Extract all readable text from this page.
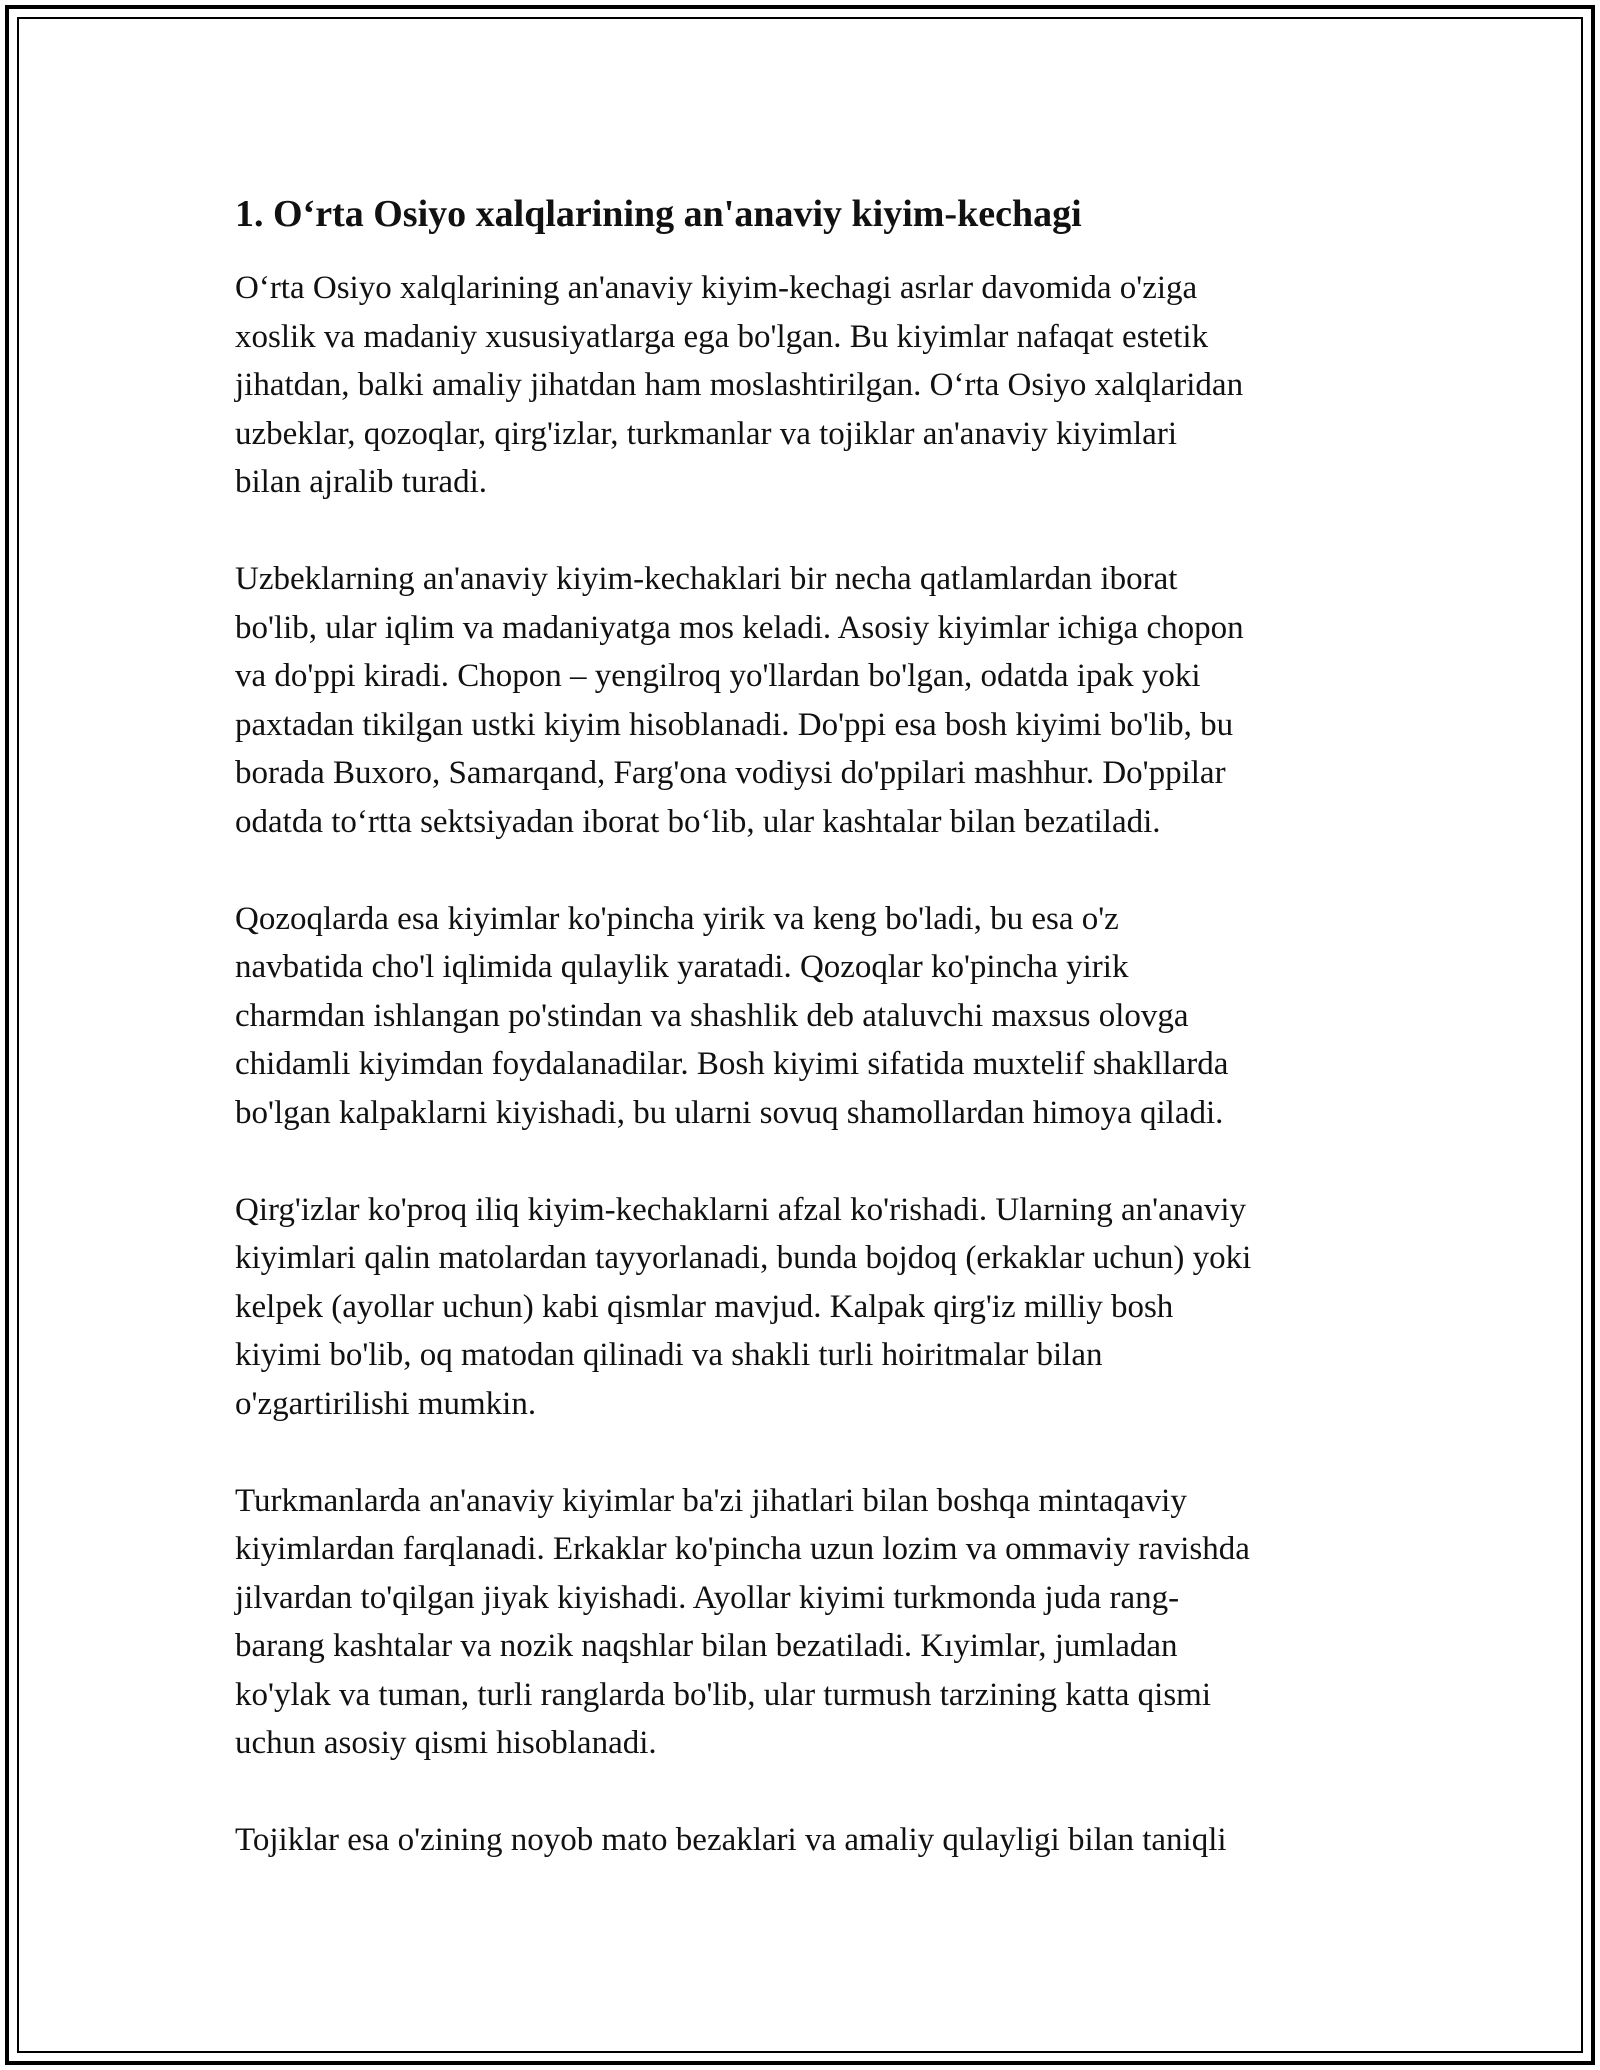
1. O‘rta Osiyo xalqlarining an'anaviy kiyim-kechagi

O‘rta Osiyo xalqlarining an'anaviy kiyim-kechagi asrlar davomida o'ziga
xoslik va madaniy xususiyatlarga ega bo'lgan. Bu kiyimlar nafaqat estetik
jihatdan, balki amaliy jihatdan ham moslashtirilgan. O‘rta Osiyo xalqlaridan
uzbeklar, qozoqlar, qirg'izlar, turkmanlar va tojiklar an'anaviy kiyimlari
bilan ajralib turadi.

Uzbeklarning an'anaviy kiyim-kechaklari bir necha qatlamlardan iborat
bo'lib, ular iqlim va madaniyatga mos keladi. Asosiy kiyimlar ichiga chopon
va do'ppi kiradi. Chopon – yengilroq yo'llardan bo'lgan, odatda ipak yoki
paxtadan tikilgan ustki kiyim hisoblanadi. Do'ppi esa bosh kiyimi bo'lib, bu
borada Buxoro, Samarqand, Farg'ona vodiysi do'ppilari mashhur. Do'ppilar
odatda to‘rtta sektsiyadan iborat bo‘lib, ular kashtalar bilan bezatiladi.

Qozoqlarda esa kiyimlar ko'pincha yirik va keng bo'ladi, bu esa o'z
navbatida cho'l iqlimida qulaylik yaratadi. Qozoqlar ko'pincha yirik
charmdan ishlangan po'stindan va shashlik deb ataluvchi maxsus olovga
chidamli kiyimdan foydalanadilar. Bosh kiyimi sifatida muxtelif shakllarda
bo'lgan kalpaklarni kiyishadi, bu ularni sovuq shamollardan himoya qiladi.

Qirg'izlar ko'proq iliq kiyim-kechaklarni afzal ko'rishadi. Ularning an'anaviy
kiyimlari qalin matolardan tayyorlanadi, bunda bojdoq (erkaklar uchun) yoki
kelpek (ayollar uchun) kabi qismlar mavjud. Kalpak qirg'iz milliy bosh
kiyimi bo'lib, oq matodan qilinadi va shakli turli hoiritmalar bilan
o'zgartirilishi mumkin.

Turkmanlarda an'anaviy kiyimlar ba'zi jihatlari bilan boshqa mintaqaviy
kiyimlardan farqlanadi. Erkaklar ko'pincha uzun lozim va ommaviy ravishda
jilvardan to'qilgan jiyak kiyishadi. Ayollar kiyimi turkmonda juda rang-
barang kashtalar va nozik naqshlar bilan bezatiladi. Kıyimlar, jumladan
ko'ylak va tuman, turli ranglarda bo'lib, ular turmush tarzining katta qismi
uchun asosiy qismi hisoblanadi.

Tojiklar esa o'zining noyob mato bezaklari va amaliy qulayligi bilan taniqli
